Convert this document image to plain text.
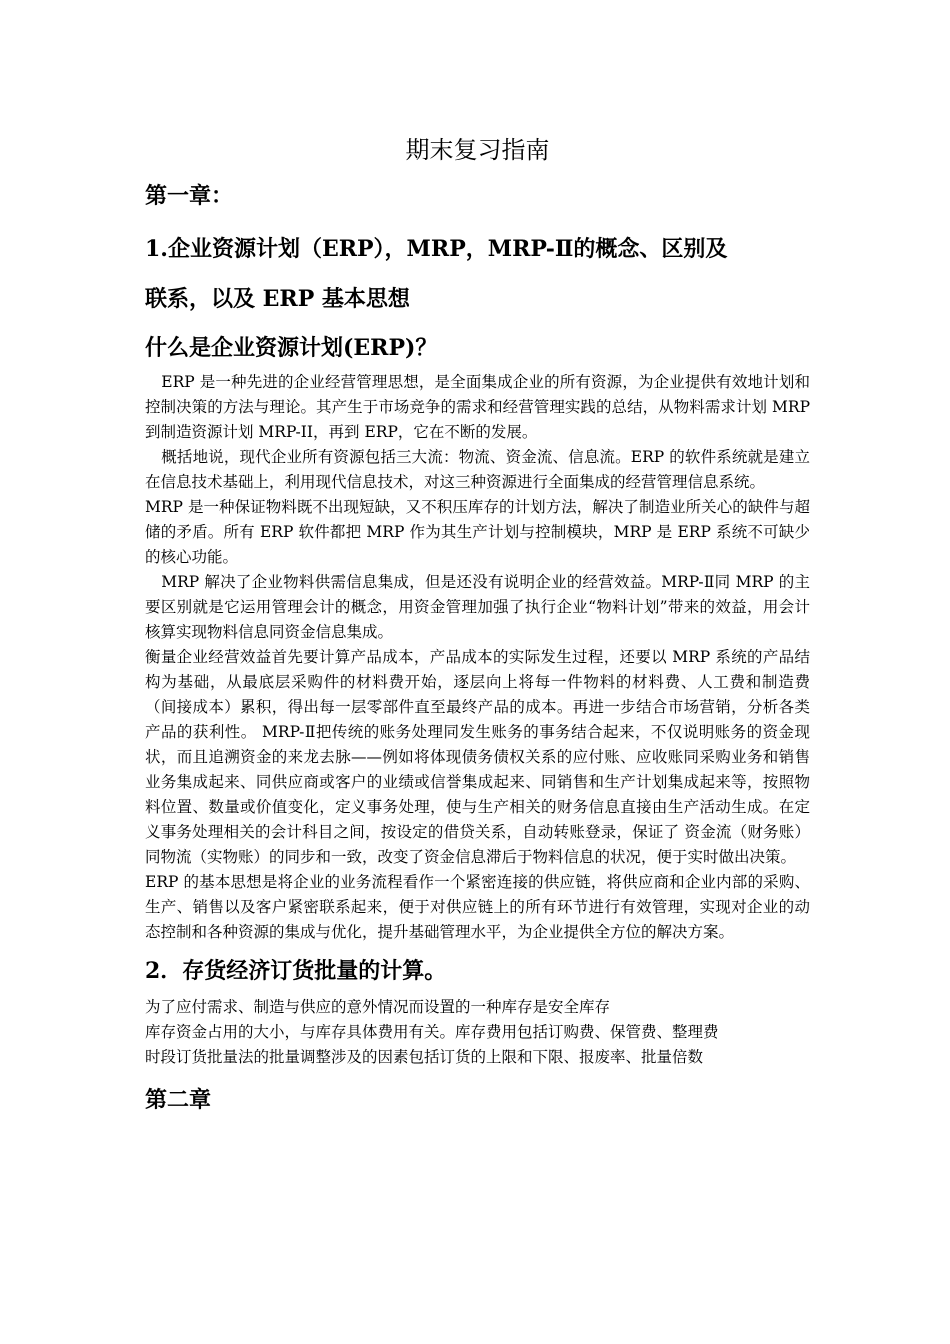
期末复习指南
第一章：
1.企业资源计划（ERP），MRP，MRP-Ⅱ的概念、区别及
联系，以及 ERP 基本思想
什么是企业资源计划(ERP)？

ERP 是一种先进的企业经营管理思想，是全面集成企业的所有资源，为企业提供有效地计划和控制决策的方法与理论。其产生于市场竞争的需求和经营管理实践的总结，从物料需求计划 MRP 到制造资源计划 MRP-II，再到 ERP，它在不断的发展。

概括地说，现代企业所有资源包括三大流：物流、资金流、信息流。ERP 的软件系统就是建立在信息技术基础上，利用现代信息技术，对这三种资源进行全面集成的经营管理信息系统。

MRP 是一种保证物料既不出现短缺，又不积压库存的计划方法，解决了制造业所关心的缺件与超储的矛盾。所有 ERP 软件都把 MRP 作为其生产计划与控制模块，MRP 是 ERP 系统不可缺少的核心功能。

MRP 解决了企业物料供需信息集成，但是还没有说明企业的经营效益。MRP-Ⅱ同 MRP 的主要区别就是它运用管理会计的概念，用资金管理加强了执行企业“物料计划”带来的效益，用会计核算实现物料信息同资金信息集成。

衡量企业经营效益首先要计算产品成本，产品成本的实际发生过程，还要以 MRP 系统的产品结构为基础，从最底层采购件的材料费开始，逐层向上将每一件物料的材料费、人工费和制造费（间接成本）累积，得出每一层零部件直至最终产品的成本。再进一步结合市场营销，分析各类产品的获利性。 MRP-Ⅱ把传统的账务处理同发生账务的事务结合起来，不仅说明账务的资金现状，而且追溯资金的来龙去脉——例如将体现债务债权关系的应付账、应收账同采购业务和销售业务集成起来、同供应商或客户的业绩或信誉集成起来、同销售和生产计划集成起来等，按照物料位置、数量或价值变化，定义事务处理，使与生产相关的财务信息直接由生产活动生成。在定义事务处理相关的会计科目之间，按设定的借贷关系，自动转账登录，保证了 资金流（财务账）同物流（实物账）的同步和一致，改变了资金信息滞后于物料信息的状况，便于实时做出决策。

ERP 的基本思想是将企业的业务流程看作一个紧密连接的供应链，将供应商和企业内部的采购、生产、销售以及客户紧密联系起来，便于对供应链上的所有环节进行有效管理，实现对企业的动态控制和各种资源的集成与优化，提升基础管理水平，为企业提供全方位的解决方案。

2．存货经济订货批量的计算。

为了应付需求、制造与供应的意外情况而设置的一种库存是安全库存

库存资金占用的大小，与库存具体费用有关。库存费用包括订购费、保管费、整理费

时段订货批量法的批量调整涉及的因素包括订货的上限和下限、报废率、批量倍数

第二章
